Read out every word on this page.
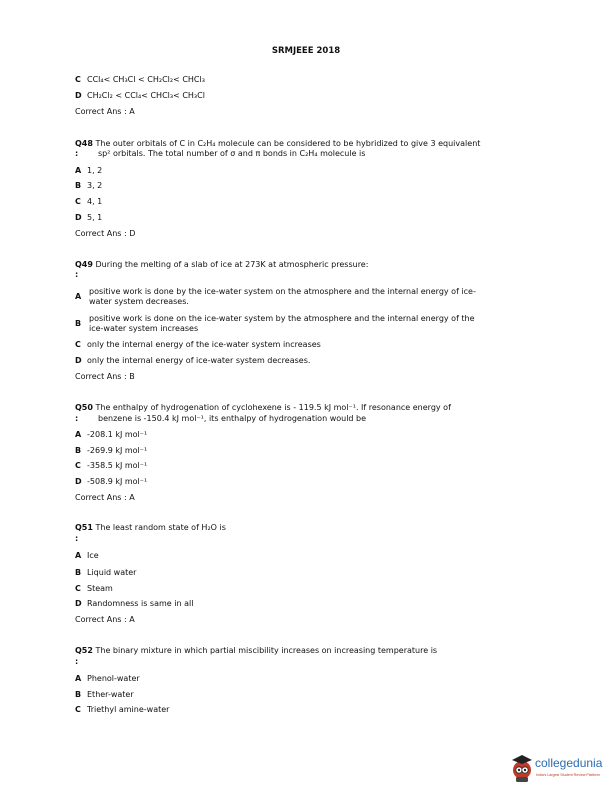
SRMJEEE 2018
C CCl₄< CH₃Cl < CH₂Cl₂< CHCl₃
D CH₂Cl₂ < CCl₄< CHCl₃< CH₃Cl
Correct Ans : A
Q48 The outer orbitals of C in C₂H₄ molecule can be considered to be hybridized to give 3 equivalent
: sp² orbitals. The total number of σ and π bonds in C₂H₄ molecule is
A 1, 2
B 3, 2
C 4, 1
D 5, 1
Correct Ans : D
Q49 During the melting of a slab of ice at 273K at atmospheric pressure:
:
A
positive work is done by the ice-water system on the atmosphere and the internal energy of ice-
water system decreases.
B
positive work is done on the ice-water system by the atmosphere and the internal energy of the
ice-water system increases
C only the internal energy of the ice-water system increases
D only the internal energy of ice-water system decreases.
Correct Ans : B
Q50 The enthalpy of hydrogenation of cyclohexene is - 119.5 kJ mol⁻¹. If resonance energy of
: benzene is -150.4 kJ mol⁻¹, its enthalpy of hydrogenation would be
A -208.1 kJ mol⁻¹
B -269.9 kJ mol⁻¹
C -358.5 kJ mol⁻¹
D -508.9 kJ mol⁻¹
Correct Ans : A
Q51 The least random state of H₂O is
:
A Ice
B Liquid water
C Steam
D Randomness is same in all
Correct Ans : A
Q52 The binary mixture in which partial miscibility increases on increasing temperature is
:
A Phenol-water
B Ether-water
C Triethyl amine-water
collegedunia
India's Largest Student Review Platform
